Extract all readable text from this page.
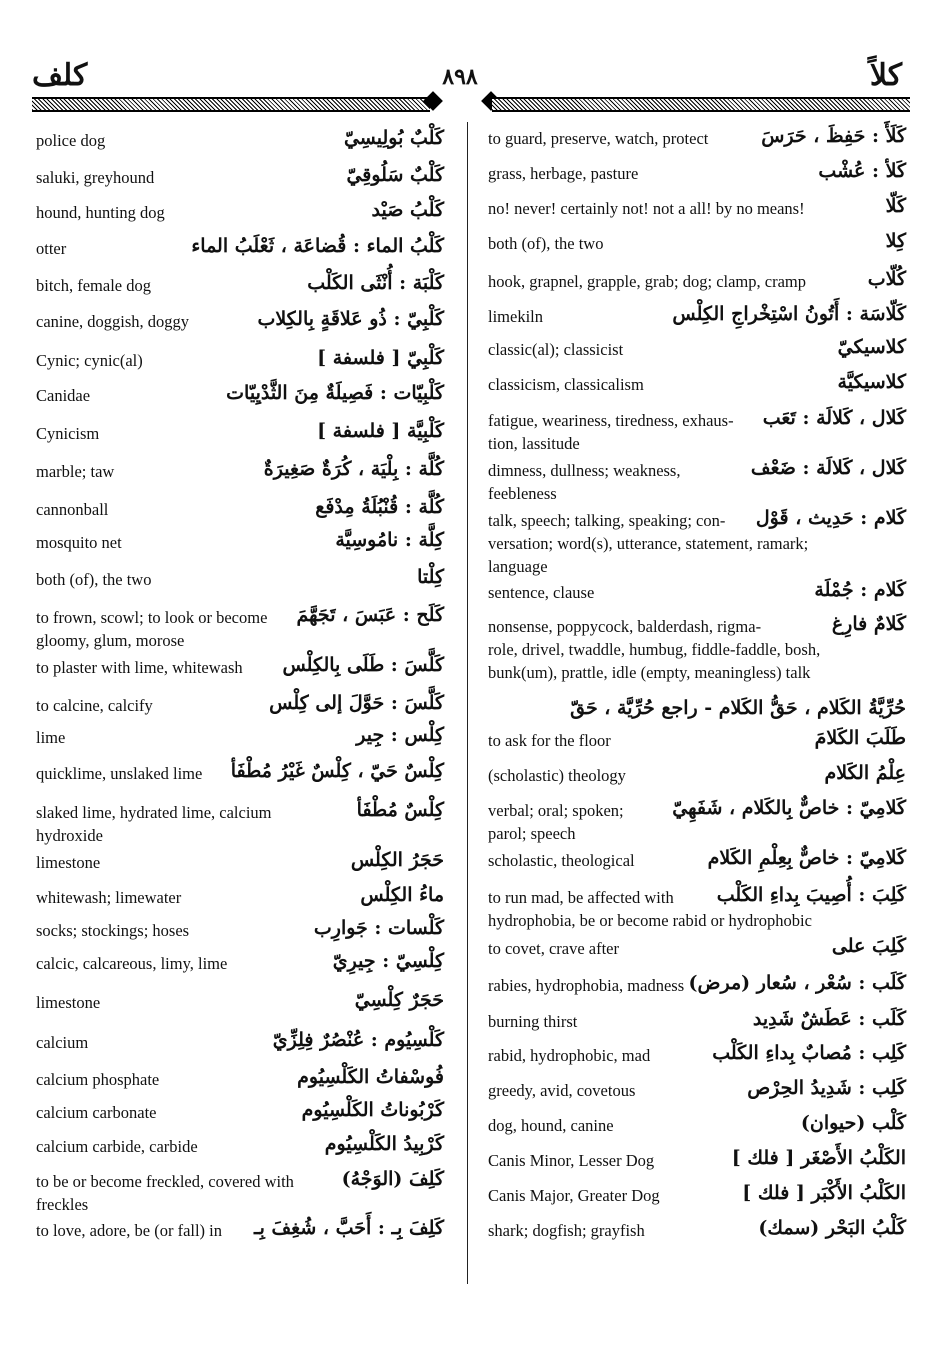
كلف	٨٩٨	كلاً
police dog	كَلْبٌ بُولِيسِيّ
saluki, greyhound	كَلْبٌ سَلُوقِيّ
hound, hunting dog	كَلْبُ صَيْد
otter	كَلْبُ الماء : قُضاعَة ، ثَعْلَبُ الماء
bitch, female dog	كَلْبَة : أُنْثَى الكَلْب
canine, doggish, doggy	كَلْبِيّ : ذُو عَلاقَةٍ بِالكِلاب
Cynic; cynic(al)	كَلْبِيّ [ فلسفة ]
Canidae	كَلْبِيّات : فَصِيلَةٌ مِنَ الثَّدْيِيّات
Cynicism	كَلْبِيَّة [ فلسفة ]
marble; taw	كُلَّة : بِلْيَة ، كُرَةٌ صَغِيرَةٌ
cannonball	كُلَّة : قُنْبُلَةُ مِدْفَع
mosquito net	كِلَّة : نامُوسِيَّة
both (of), the two	كِلْتا
to frown, scowl; to look or become كَلَح : عَبَسَ ، تَجَهَّمَ
gloomy, glum, morose
to plaster with lime, whitewash كَلَّسَ : طَلَى بِالكِلْس
to calcine, calcify	كَلَّسَ : حَوَّلَ إلى كِلْس
lime	كِلْس : جِير
quicklime, unslaked lime كِلْسٌ حَيّ ، كِلْسٌ غَيْرُ مُطْفَأ
slaked lime, hydrated lime, calcium	كِلْسٌ مُطْفَأ
hydroxide
limestone	حَجَرُ الكِلْس
whitewash; limewater	ماءُ الكِلْس
socks; stockings; hoses	كَلْسات : جَوارِب
calcic, calcareous, limy, lime	كِلْسِيّ : جِيرِيّ
limestone	حَجَرٌ كِلْسِيّ
calcium	كَلْسِيُوم : عُنْصُرٌ فِلِزِّيّ
calcium phosphate	فُوسْفاتُ الكَلْسِيُوم
calcium carbonate	كَرْبُوناتُ الكَلْسِيُوم
calcium carbide, carbide	كَرْبِيدُ الكَلْسِيُوم
to be or become freckled, covered with	كَلِفَ (الوَجْهُ)
freckles
to love, adore, be (or fall) in كَلِفَ بِـ : أَحَبَّ ، شُغِفَ بِـ
to guard, preserve, watch, protect	كَلَأَ : حَفِظَ ، حَرَسَ
grass, herbage, pasture	كَلأ : عُشْب
no! never! certainly not! not a all! by no means!	كَلّا
both (of), the two	كِلا
hook, grapnel, grapple, grab; dog; clamp, cramp	كُلّاب
limekiln	كَلّاسَة : أَتُونُ اسْتِخْراجِ الكِلْس
classic(al); classicist	كلاسيكيّ
classicism, classicalism	كلاسيكيَّة
fatigue, weariness, tiredness, exhaus- كَلال ، كَلالَة : تَعَب
tion, lassitude
dimness, dullness; weakness,	كَلال ، كَلالَة : ضَعْف
feebleness
talk, speech; talking, speaking; con- كَلام : حَدِيث ، قَوْل
versation; word(s), utterance, statement, ramark;
language
sentence, clause	كَلام : جُمْلَة
nonsense, poppycock, balderdash, rigma-	كَلامٌ فارِغ
role, drivel, twaddle, humbug, fiddle-faddle, bosh,
bunk(um), prattle, idle (empty, meaningless) talk
حُرِّيَّةُ الكَلام ، حَقُّ الكَلام - راجع حُرِّيَّة ، حَقّ
to ask for the floor	طَلَبَ الكَلامَ
(scholastic) theology	عِلْمُ الكَلام
verbal; oral; spoken;	كَلامِيّ : خاصٌّ بِالكَلام ، شَفَهِيّ
parol; speech
scholastic, theological	كَلامِيّ : خاصٌّ بِعِلْمِ الكَلام
to run mad, be affected with كَلِبَ : أُصِيبَ بِداءِ الكَلْب
hydrophobia, be or become rabid or hydrophobic
to covet, crave after	كَلِبَ على
rabies, hydrophobia, madness كَلَب : سُعْر ، سُعار (مرض)
burning thirst	كَلَب : عَطَشٌ شَدِيد
rabid, hydrophobic, mad	كَلِب : مُصابٌ بِداءِ الكَلْب
greedy, avid, covetous	كَلِب : شَدِيدُ الحِرْص
dog, hound, canine	كَلْب (حيوان)
Canis Minor, Lesser Dog	الكَلْبُ الأَصْغَر [ فلك ]
Canis Major, Greater Dog	الكَلْبُ الأَكْبَر [ فلك ]
shark; dogfish; grayfish	كَلْبُ البَحْر (سمك)
